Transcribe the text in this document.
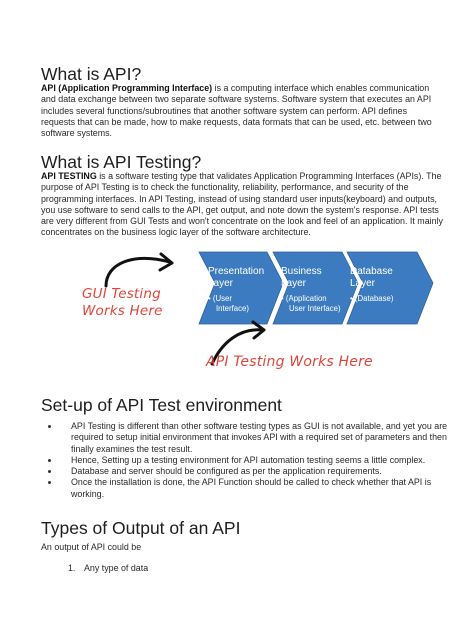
What is API?

API (Application Programming Interface) is a computing interface which enables communication and data exchange between two separate software systems. Software system that executes an API includes several functions/subroutines that another software system can perform. API defines requests that can be made, how to make requests, data formats that can be used, etc. between two software systems.

What is API Testing?

API TESTING is a software testing type that validates Application Programming Interfaces (APIs). The purpose of API Testing is to check the functionality, reliability, performance, and security of the programming interfaces. In API Testing, instead of using standard user inputs(keyboard) and outputs, you use software to send calls to the API, get output, and note down the system's response. API tests are very different from GUI Tests and won't concentrate on the look and feel of an application. It mainly concentrates on the business logic layer of the software architecture.

Presentation
Layer
• (User
Interface)
Business
Layer
• (Application
User Interface)
Database
Layer
• (Database)
GUI Testing
Works Here
API Testing Works Here
Set-up of API Test environment
API Testing is different than other software testing types as GUI is not available, and yet you are required to setup initial environment that invokes API with a required set of parameters and then finally examines the test result.
Hence, Setting up a testing environment for API automation testing seems a little complex.
Database and server should be configured as per the application requirements.
Once the installation is done, the API Function should be called to check whether that API is working.
Types of Output of an API

An output of API could be

1. Any type of data
